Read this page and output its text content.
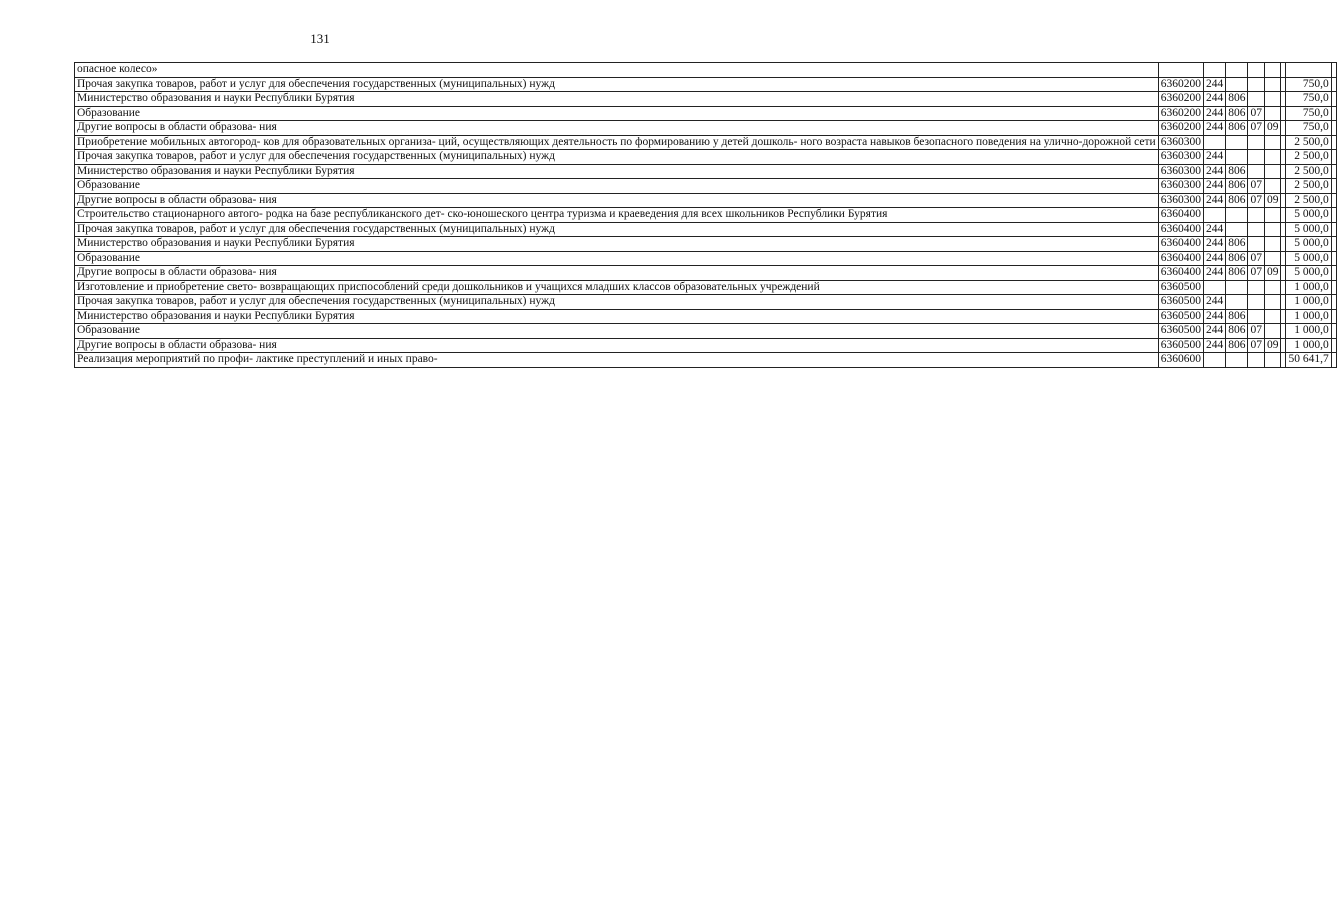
131
опасное колесо»								
Прочая закупка товаров, работ и услуг для обеспечения государственных (муниципальных) нужд	6360200	244					750,0	
Министерство образования и науки Республики Бурятия	6360200	244	806				750,0	
Образование	6360200	244	806	07			750,0	
Другие вопросы в области образова- ния	6360200	244	806	07	09		750,0	
Приобретение мобильных автогород- ков для образовательных организа- ций, осуществляющих деятельность по формированию у детей дошколь- ного возраста навыков безопасного поведения на улично-дорожной сети	6360300						2 500,0	
Прочая закупка товаров, работ и услуг для обеспечения государственных (муниципальных) нужд	6360300	244					2 500,0	
Министерство образования и науки Республики Бурятия	6360300	244	806				2 500,0	
Образование	6360300	244	806	07			2 500,0	
Другие вопросы в области образова- ния	6360300	244	806	07	09		2 500,0	
Строительство стационарного автого- родка на базе республиканского дет- ско-юношеского центра туризма и краеведения для всех школьников Республики Бурятия	6360400						5 000,0	
Прочая закупка товаров, работ и услуг для обеспечения государственных (муниципальных) нужд	6360400	244					5 000,0	
Министерство образования и науки Республики Бурятия	6360400	244	806				5 000,0	
Образование	6360400	244	806	07			5 000,0	
Другие вопросы в области образова- ния	6360400	244	806	07	09		5 000,0	
Изготовление и приобретение свето- возвращающих приспособлений среди дошкольников и учащихся младших классов образовательных учреждений	6360500						1 000,0	
Прочая закупка товаров, работ и услуг для обеспечения государственных (муниципальных) нужд	6360500	244					1 000,0	
Министерство образования и науки Республики Бурятия	6360500	244	806				1 000,0	
Образование	6360500	244	806	07			1 000,0	
Другие вопросы в области образова- ния	6360500	244	806	07	09		1 000,0	
Реализация мероприятий по профи- лактике преступлений и иных право-	6360600						50 641,7	
